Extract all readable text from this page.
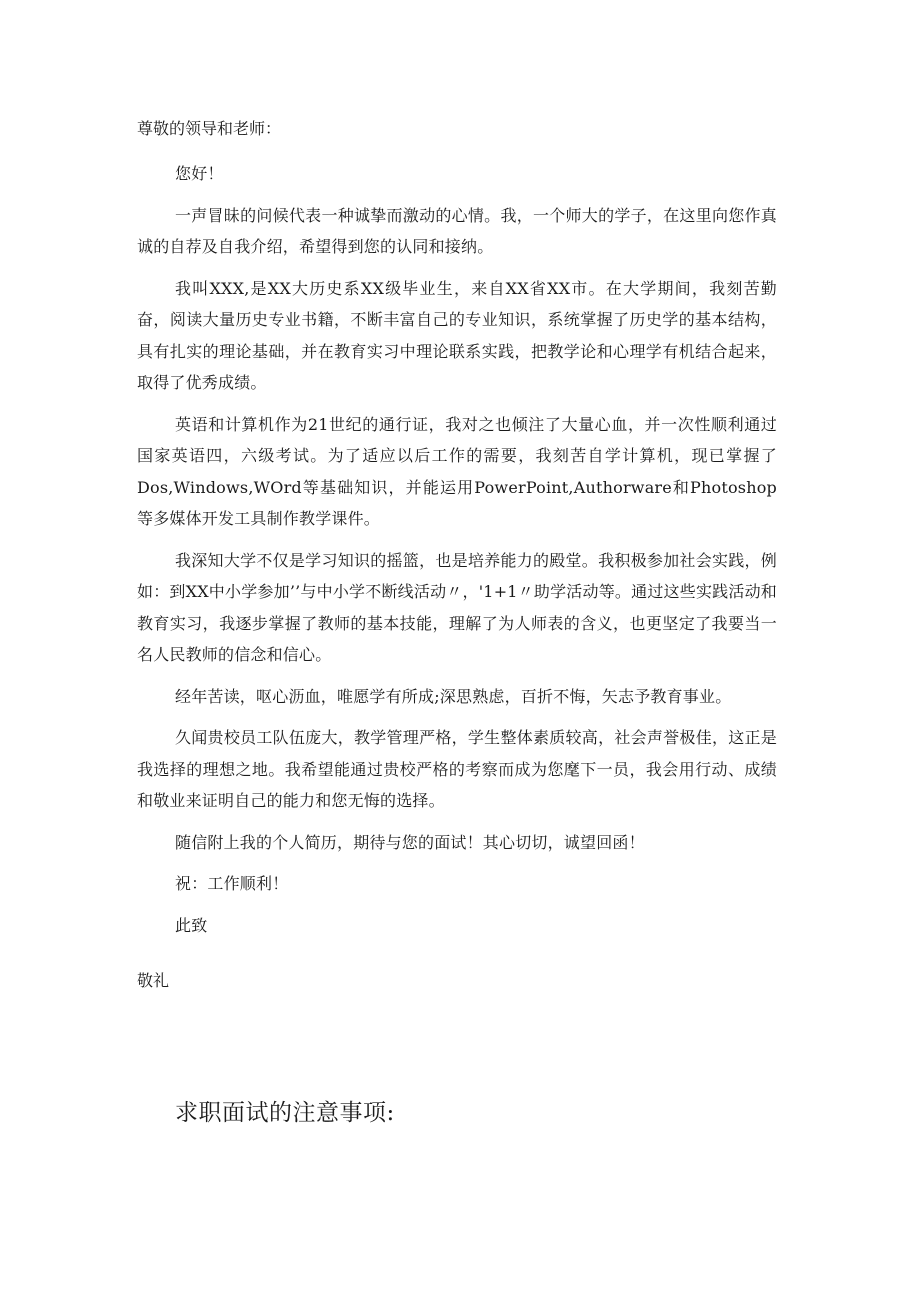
尊敬的领导和老师：

您好！

一声冒昧的问候代表一种诚挚而激动的心情。我，一个师大的学子，在这里向您作真诚的自荐及自我介绍，希望得到您的认同和接纳。

我叫XXX,是XX大历史系XX级毕业生，来自XX省XX市。在大学期间，我刻苦勤奋，阅读大量历史专业书籍，不断丰富自己的专业知识，系统掌握了历史学的基本结构，具有扎实的理论基础，并在教育实习中理论联系实践，把教学论和心理学有机结合起来，取得了优秀成绩。

英语和计算机作为21世纪的通行证，我对之也倾注了大量心血，并一次性顺利通过国家英语四，六级考试。为了适应以后工作的需要，我刻苦自学计算机，现已掌握了Dos,Windows,WOrd等基础知识，并能运用PowerPoint,Authorware和Photoshop等多媒体开发工具制作教学课件。

我深知大学不仅是学习知识的摇篮，也是培养能力的殿堂。我积极参加社会实践，例如：到XX中小学参加’’与中小学不断线活动〃，'1+1〃助学活动等。通过这些实践活动和教育实习，我逐步掌握了教师的基本技能，理解了为人师表的含义，也更坚定了我要当一名人民教师的信念和信心。

经年苦读，呕心沥血，唯愿学有所成;深思熟虑，百折不悔，矢志予教育事业。

久闻贵校员工队伍庞大，教学管理严格，学生整体素质较高，社会声誉极佳，这正是我选择的理想之地。我希望能通过贵校严格的考察而成为您麾下一员，我会用行动、成绩和敬业来证明自己的能力和您无悔的选择。

随信附上我的个人简历，期待与您的面试！其心切切，诚望回函！

祝：工作顺利！

此致

敬礼
求职面试的注意事项:
